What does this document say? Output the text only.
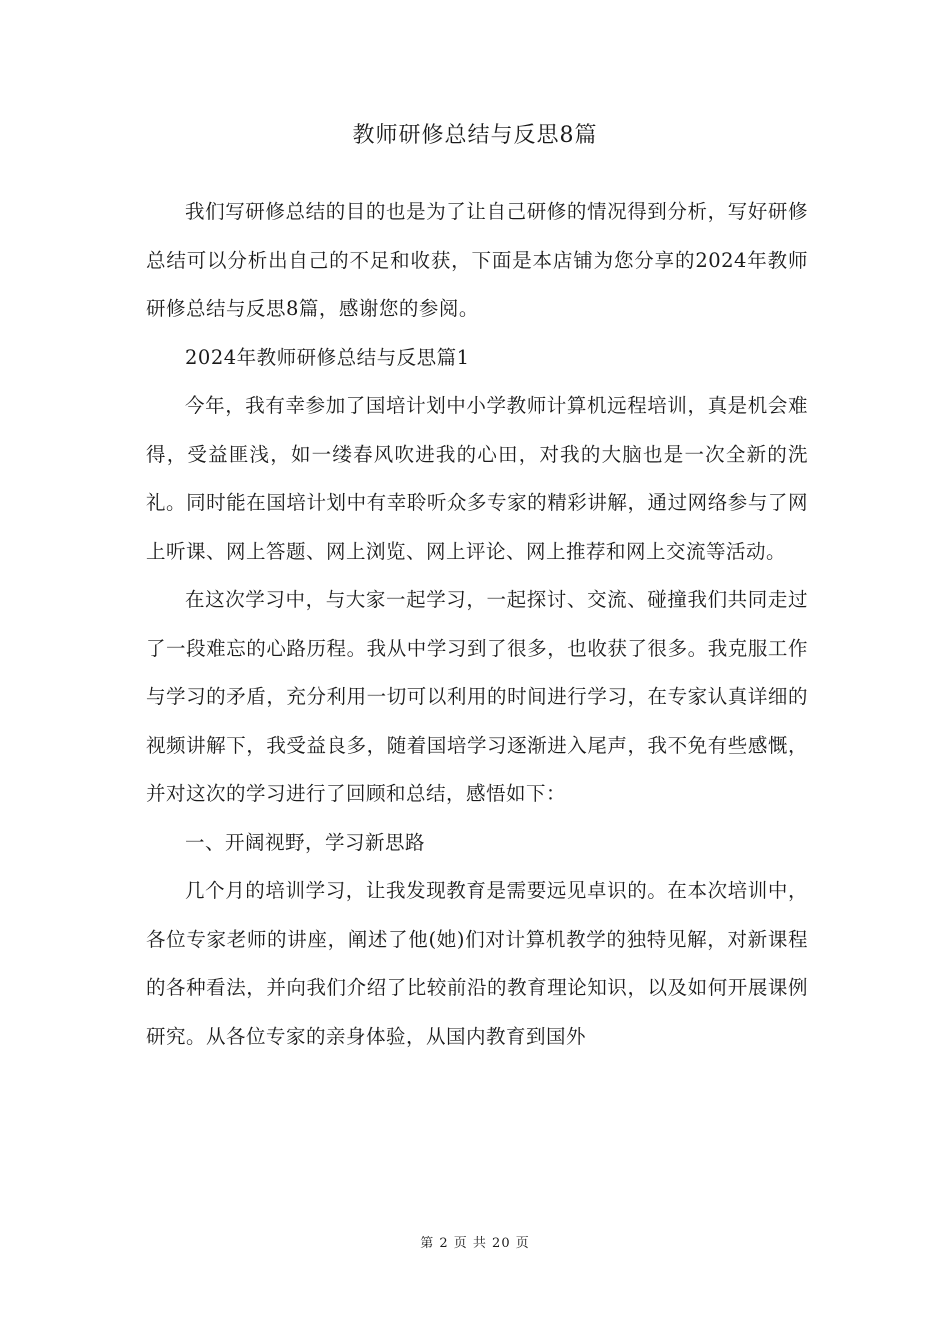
教师研修总结与反思8篇

我们写研修总结的目的也是为了让自己研修的情况得到分析，写好研修总结可以分析出自己的不足和收获，下面是本店铺为您分享的2024年教师研修总结与反思8篇，感谢您的参阅。

2024年教师研修总结与反思篇1

今年，我有幸参加了国培计划中小学教师计算机远程培训，真是机会难得，受益匪浅，如一缕春风吹进我的心田，对我的大脑也是一次全新的洗礼。同时能在国培计划中有幸聆听众多专家的精彩讲解，通过网络参与了网上听课、网上答题、网上浏览、网上评论、网上推荐和网上交流等活动。

在这次学习中，与大家一起学习，一起探讨、交流、碰撞我们共同走过了一段难忘的心路历程。我从中学习到了很多，也收获了很多。我克服工作与学习的矛盾，充分利用一切可以利用的时间进行学习，在专家认真详细的视频讲解下，我受益良多，随着国培学习逐渐进入尾声，我不免有些感慨，并对这次的学习进行了回顾和总结，感悟如下：

一、开阔视野，学习新思路

几个月的培训学习，让我发现教育是需要远见卓识的。在本次培训中，各位专家老师的讲座，阐述了他(她)们对计算机教学的独特见解，对新课程的各种看法，并向我们介绍了比较前沿的教育理论知识，以及如何开展课例研究。从各位专家的亲身体验，从国内教育到国外

第 2 页 共 20 页
